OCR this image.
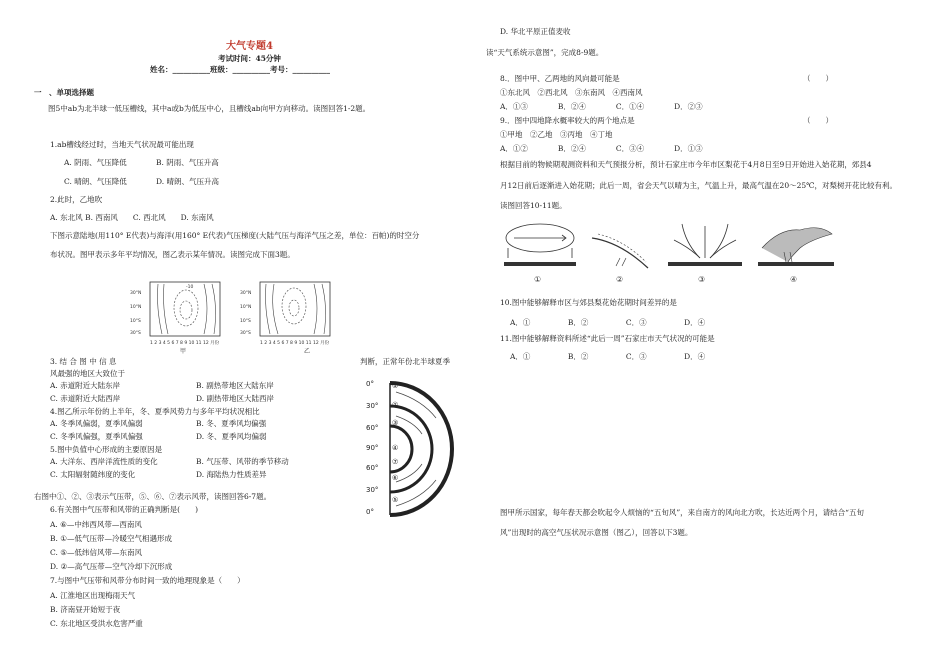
大气专题4
考试时间：45分钟
姓名：__________班级：__________考号：__________
一　、单项选择题
图5中ab为北半球一低压槽线，其中a或b为低压中心，且槽线ab向甲方向移动。读图回答1-2题。
1.ab槽线经过时，当地天气状况最可能出现
A. 阴雨、气压降低	B. 阴雨、气压升高
C. 晴朗、气压降低	D. 晴朗、气压升高
2.此时，乙地吹
A. 东北风 B. 西南风　　C. 西北风　　D. 东南风
下图示意陆地(用110° E代表)与海洋(用160° E代表)气压梯度(大陆气压与海洋气压之差，单位：百帕)的时空分
布状况。图甲表示多年平均情况，图乙表示某年情况。读图完成下面3题。
30°N
10°N
10°S
30°S
-10
1 2 3 4 5 6 7 8 9 10 11 12 月份
甲
30°N
10°N
10°S
30°S
1 2 3 4 5 6 7 8 9 10 11 12 月份
乙
3. 结 合 图 中 信 息	判断，正常年份北半球夏季
风最强的地区大致位于
A. 赤道附近大陆东岸	B. 副热带地区大陆东岸
C. 赤道附近大陆西岸	D. 副热带地区大陆西岸
4.图乙所示年份的上半年，冬、夏季风势力与多年平均状况相比
A. 冬季风偏弱，夏季风偏弱	B. 冬、夏季风均偏强
C. 冬季风偏强，夏季风偏强	D. 冬、夏季风均偏弱
5.图中负值中心形成的主要原因是
A. 大洋东、西岸洋流性质的变化	B. 气压带、风带的季节移动
C. 太阳辐射随纬度的变化	D. 海陆热力性质差异
右图中①、②、③表示气压带，⑤、⑥、⑦表示风带，读图回答6-7题。
6.有关图中气压带和风带的正确判断是(　　)
A. ⑥—中纬西风带—西南风
B. ①—低气压带—冷暖空气相遇形成
C. ⑤—低纬信风带—东南风
D. ②—高气压带—空气冷却下沉形成
7.与图中气压带和风带分布时间一致的地理现象是（　　）
A. 江淮地区出现梅雨天气
B. 济南昼开始短于夜
C. 东北地区受洪水危害严重
0°
30°
60°
90°
60°
30°
0°
①
②
③
④
⑦
⑥
⑤
D. 华北平原正值麦收
读“天气系统示意图”，完成8-9题。
8.．图中甲、乙两地的风向最可能是	（　　）
①东北风　②西北风　③东南风　④西南风
A．①③　　　　B．②④　　　　C．①④　　　　D．②③
9.．图中四地降水概率较大的两个地点是	（　　）
①甲地　②乙地　③丙地　④丁地
A．①②　　　　B．②④　　　　C．③④　　　　D．①③
根据目前的物候期观测资料和天气预报分析，预计石家庄市今年市区梨花于4月8日至9日开始进入始花期，郊县4
月12日前后逐渐进入始花期；此后一周，省会天气以晴为主，气温上升，最高气温在20～25℃，对梨树开花比较有利。
读图回答10-11题。
①	②	③	④
10.图中能够解释市区与郊县梨花始花期时间差异的是
A．①　　　　　B．②　　　　　C．③　　　　　D．④
11.图中能够解释资料所述“此后一周”石家庄市天气状况的可能是
A．①　　　　　B．②　　　　　C．③　　　　　D．④
图甲所示国家，每年春天都会吹起令人烦恼的“五旬风”，来自南方的风向北方吹，长达近两个月，请结合“五旬
风”出现时的高空气压状况示意图（图乙），回答以下3题。
